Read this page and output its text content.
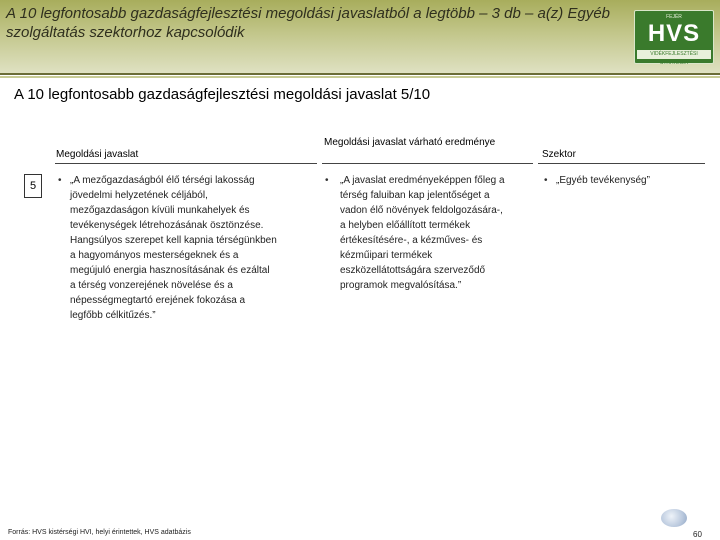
A 10 legfontosabb gazdaságfejlesztési megoldási javaslatból a legtöbb – 3 db – a(z) Egyéb szolgáltatás szektorhoz kapcsolódik
FEJÉR
HVS
VIDÉKFEJLESZTÉSI STRATÉGIA
A 10 legfontosabb gazdaságfejlesztési megoldási javaslat 5/10
Megoldási javaslat
Megoldási javaslat várható eredménye
Szektor
5	• „A mezőgazdaságból élő térségi lakosság
jövedelmi helyzetének céljából,
mezőgazdaságon kívüli munkahelyek és
tevékenységek létrehozásának ösztönzése.
Hangsúlyos szerepet kell kapnia térségünkben
a hagyományos mesterségeknek és a
megújuló energia hasznosításának és ezáltal
a térség vonzerejének növelése és a
népességmegtartó erejének fokozása a
legfőbb célkitűzés.”
• „A javaslat eredményeképpen főleg a
térség faluiban kap jelentőséget a
vadon élő növények feldolgozására-,
a helyben előállított termékek
értékesítésére-, a kézműves- és
kézműipari termékek
eszközellátottságára szerveződő
programok megvalósítása.”
• „Egyéb tevékenység”
Forrás: HVS kistérségi HVI, helyi érintettek, HVS adatbázis	60
